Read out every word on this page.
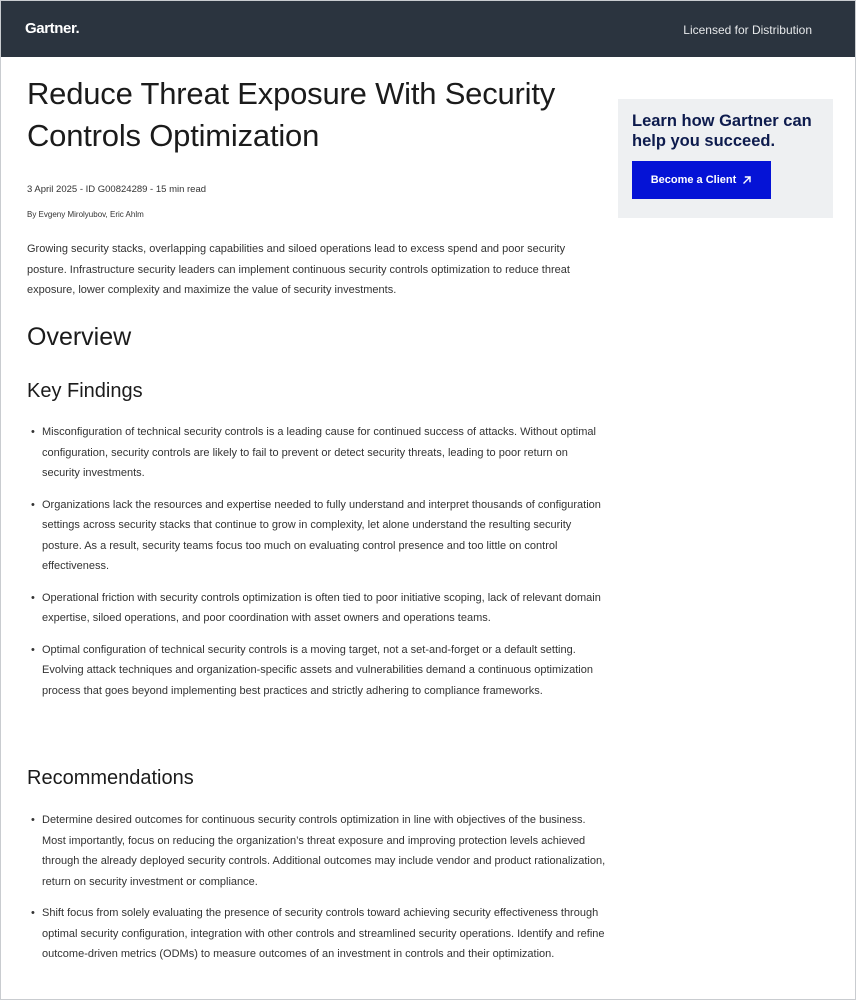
Gartner.	Licensed for Distribution
Reduce Threat Exposure With Security Controls Optimization
3 April 2025 - ID G00824289 - 15 min read
By Evgeny Mirolyubov, Eric Ahlm

Growing security stacks, overlapping capabilities and siloed operations lead to excess spend and poor security posture. Infrastructure security leaders can implement continuous security controls optimization to reduce threat exposure, lower complexity and maximize the value of security investments.

Overview
Key Findings
• Misconfiguration of technical security controls is a leading cause for continued success of attacks. Without optimal configuration, security controls are likely to fail to prevent or detect security threats, leading to poor return on security investments.
• Organizations lack the resources and expertise needed to fully understand and interpret thousands of configuration settings across security stacks that continue to grow in complexity, let alone understand the resulting security posture. As a result, security teams focus too much on evaluating control presence and too little on control effectiveness.
• Operational friction with security controls optimization is often tied to poor initiative scoping, lack of relevant domain expertise, siloed operations, and poor coordination with asset owners and operations teams.
• Optimal configuration of technical security controls is a moving target, not a set-and-forget or a default setting. Evolving attack techniques and organization-specific assets and vulnerabilities demand a continuous optimization process that goes beyond implementing best practices and strictly adhering to compliance frameworks.
Recommendations
• Determine desired outcomes for continuous security controls optimization in line with objectives of the business. Most importantly, focus on reducing the organization’s threat exposure and improving protection levels achieved through the already deployed security controls. Additional outcomes may include vendor and product rationalization, return on security investment or compliance.
• Shift focus from solely evaluating the presence of security controls toward achieving security effectiveness through optimal security configuration, integration with other controls and streamlined security operations. Identify and refine outcome-driven metrics (ODMs) to measure outcomes of an investment in controls and their optimization.
Learn how Gartner can help you succeed.
Become a Client
